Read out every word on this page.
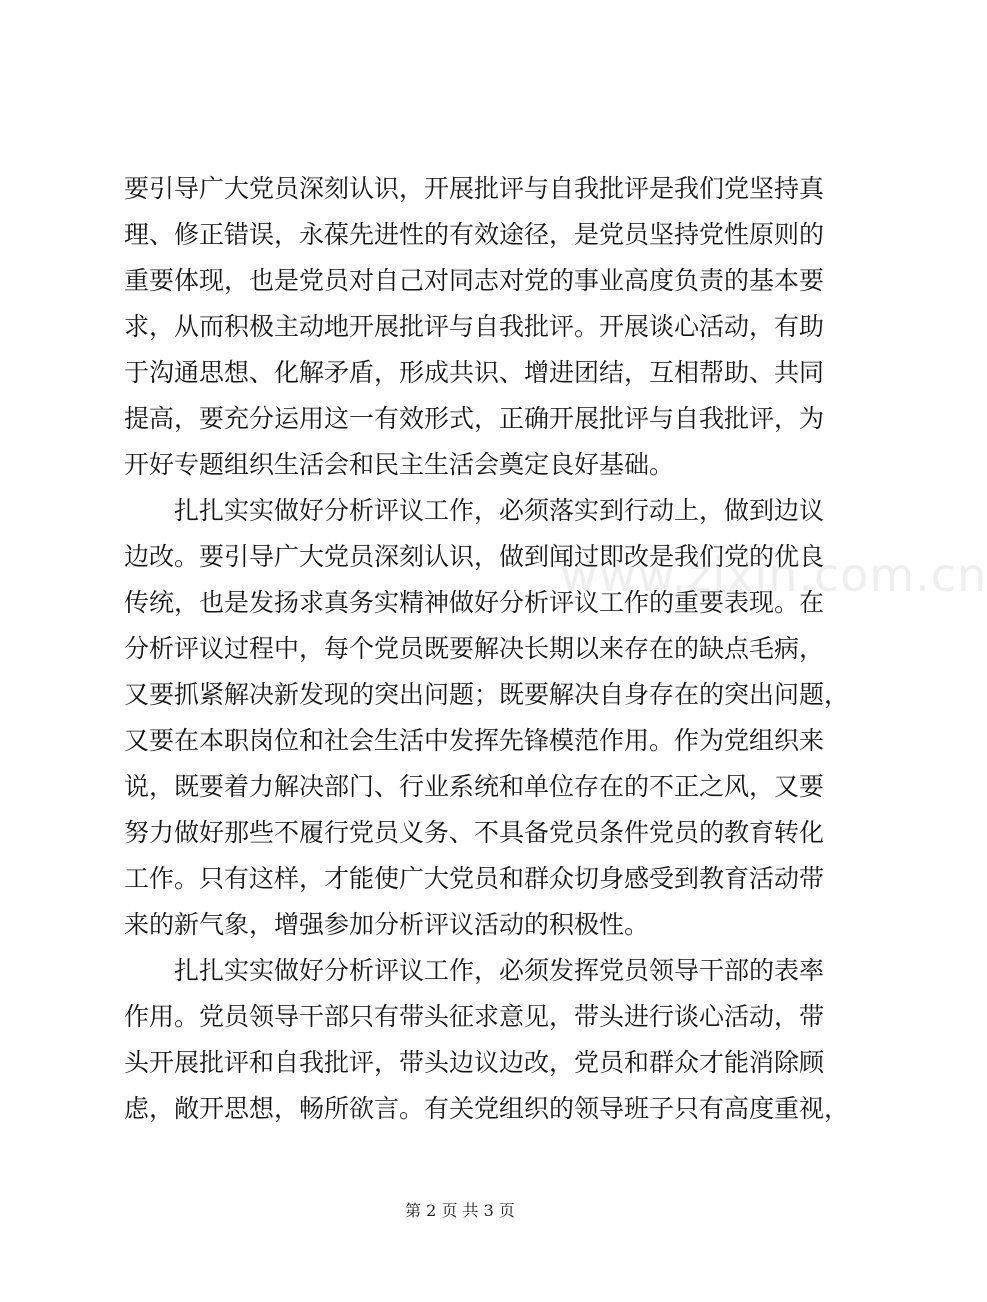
要引导广大党员深刻认识，开展批评与自我批评是我们党坚持真
理、修正错误，永葆先进性的有效途径，是党员坚持党性原则的
重要体现，也是党员对自己对同志对党的事业高度负责的基本要
求，从而积极主动地开展批评与自我批评。开展谈心活动，有助
于沟通思想、化解矛盾，形成共识、增进团结，互相帮助、共同
提高，要充分运用这一有效形式，正确开展批评与自我批评，为
开好专题组织生活会和民主生活会奠定良好基础。
扎扎实实做好分析评议工作，必须落实到行动上，做到边议
边改。要引导广大党员深刻认识，做到闻过即改是我们党的优良
传统，也是发扬求真务实精神做好分析评议工作的重要表现。在
分析评议过程中，每个党员既要解决长期以来存在的缺点毛病，
又要抓紧解决新发现的突出问题；既要解决自身存在的突出问题，
又要在本职岗位和社会生活中发挥先锋模范作用。作为党组织来
说，既要着力解决部门、行业系统和单位存在的不正之风，又要
努力做好那些不履行党员义务、不具备党员条件党员的教育转化
工作。只有这样，才能使广大党员和群众切身感受到教育活动带
来的新气象，增强参加分析评议活动的积极性。
扎扎实实做好分析评议工作，必须发挥党员领导干部的表率
作用。党员领导干部只有带头征求意见，带头进行谈心活动，带
头开展批评和自我批评，带头边议边改，党员和群众才能消除顾
虑，敞开思想，畅所欲言。有关党组织的领导班子只有高度重视，
www.zixin.com.cn
第 2 页 共 3 页
